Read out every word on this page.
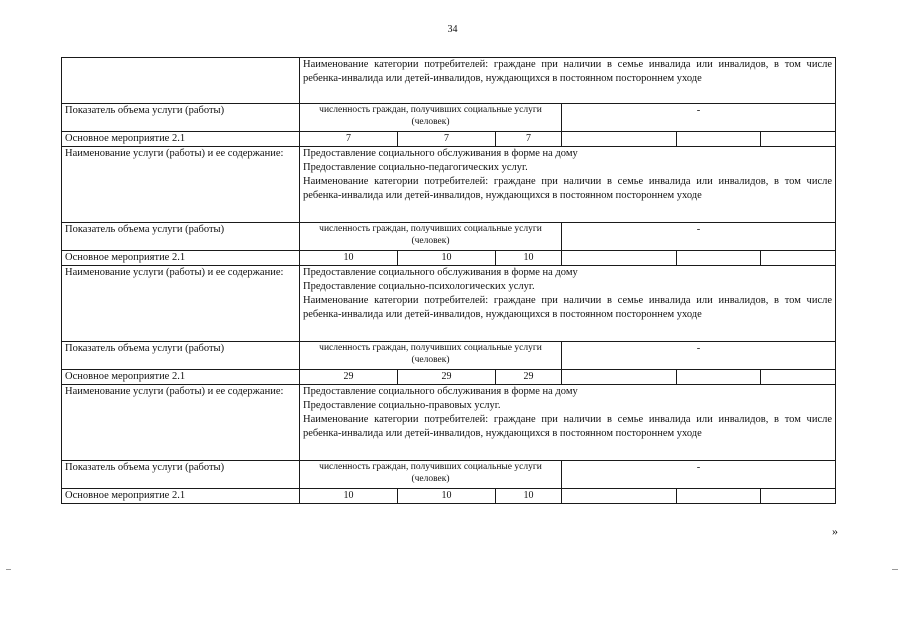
34

	Наименование категории потребителей: граждане при наличии в семье инвалида или инвалидов, в том числе ребенка-инвалида или детей-инвалидов, нуждающихся в постоянном постороннем уходе					

Показатель объема услуги (работы)	численность граждан, получивших социальные услуги (человек)			-		
Основное мероприятие 2.1	7	7	7			
Наименование услуги (работы) и ее содержание:	Предоставление социального обслуживания в форме на дому
Предоставление социально-педагогических услуг.
Наименование категории потребителей: граждане при наличии в семье инвалида или инвалидов, в том числе ребенка-инвалида или детей-инвалидов, нуждающихся в постоянном постороннем уходе					

Показатель объема услуги (работы)	численность граждан, получивших социальные услуги (человек)			-		
Основное мероприятие 2.1	10	10	10			
Наименование услуги (работы) и ее содержание:	Предоставление социального обслуживания в форме на дому
Предоставление социально-психологических услуг.
Наименование категории потребителей: граждане при наличии в семье инвалида или инвалидов, в том числе ребенка-инвалида или детей-инвалидов, нуждающихся в постоянном постороннем уходе					

Показатель объема услуги (работы)	численность граждан, получивших социальные услуги (человек)			-		
Основное мероприятие 2.1	29	29	29			
Наименование услуги (работы) и ее содержание:	Предоставление социального обслуживания в форме на дому
Предоставление социально-правовых услуг.
Наименование категории потребителей: граждане при наличии в семье инвалида или инвалидов, в том числе ребенка-инвалида или детей-инвалидов, нуждающихся в постоянном постороннем уходе					

Показатель объема услуги (работы)	численность граждан, получивших социальные услуги (человек)			-		
Основное мероприятие 2.1	10	10	10			
»
